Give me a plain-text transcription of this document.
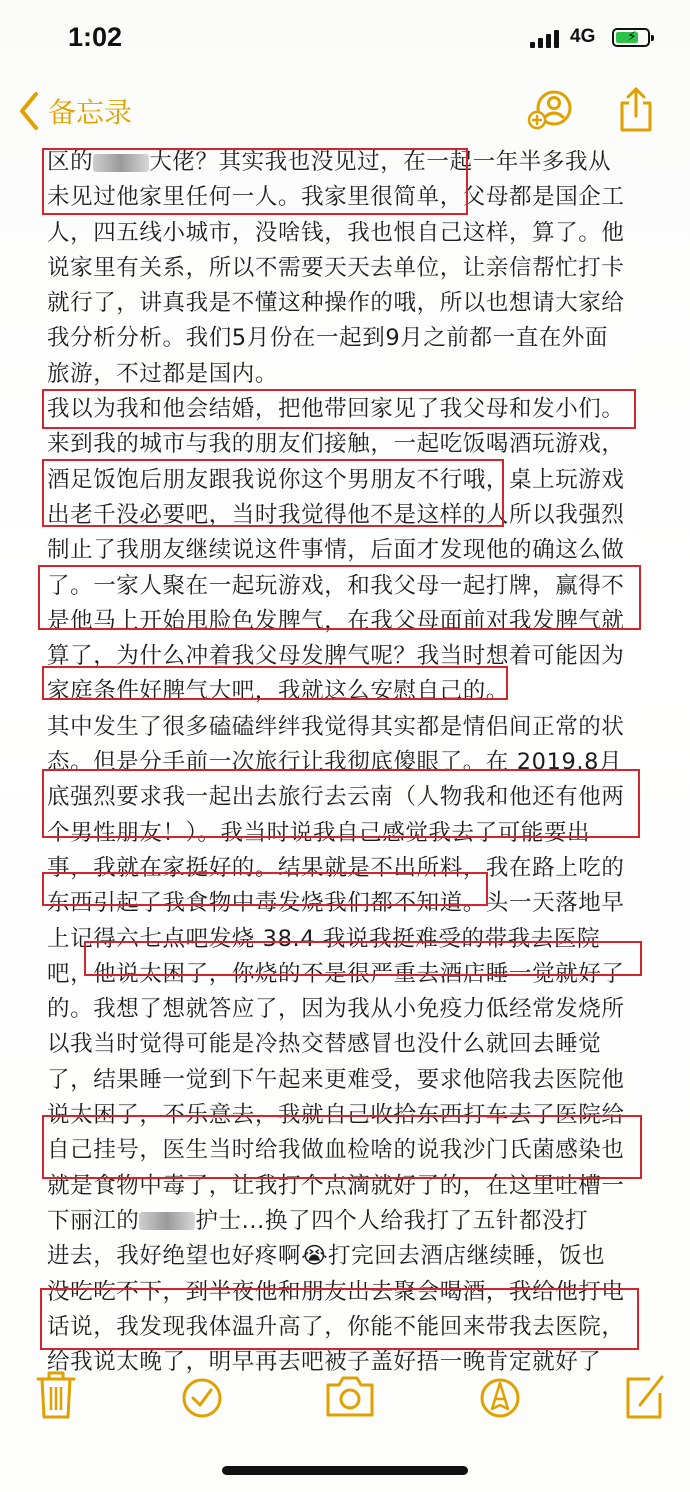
1:02	4G ⚡
备忘录
区的 大佬？其实我也没见过，在一起一年半多我从
未见过他家里任何一人。我家里很简单，父母都是国企工
人，四五线小城市，没啥钱，我也恨自己这样，算了。他
说家里有关系，所以不需要天天去单位，让亲信帮忙打卡
就行了，讲真我是不懂这种操作的哦，所以也想请大家给
我分析分析。我们5月份在一起到9月之前都一直在外面
旅游，不过都是国内。
我以为我和他会结婚，把他带回家见了我父母和发小们。
来到我的城市与我的朋友们接触，一起吃饭喝酒玩游戏，
酒足饭饱后朋友跟我说你这个男朋友不行哦，桌上玩游戏
出老千没必要吧，当时我觉得他不是这样的人所以我强烈
制止了我朋友继续说这件事情，后面才发现他的确这么做
了。一家人聚在一起玩游戏，和我父母一起打牌，赢得不
是他马上开始甩脸色发脾气，在我父母面前对我发脾气就
算了，为什么冲着我父母发脾气呢？我当时想着可能因为
家庭条件好脾气大吧，我就这么安慰自己的。
其中发生了很多磕磕绊绊我觉得其实都是情侣间正常的状
态。但是分手前一次旅行让我彻底傻眼了。在 2019.8月
底强烈要求我一起出去旅行去云南（人物我和他还有他两
个男性朋友！）。我当时说我自己感觉我去了可能要出
事，我就在家挺好的。结果就是不出所料，我在路上吃的
东西引起了我食物中毒发烧我们都不知道。头一天落地早
上记得六七点吧发烧 38.4 我说我挺难受的带我去医院
吧，他说太困了，你烧的不是很严重去酒店睡一觉就好了
的。我想了想就答应了，因为我从小免疫力低经常发烧所
以我当时觉得可能是冷热交替感冒也没什么就回去睡觉
了，结果睡一觉到下午起来更难受，要求他陪我去医院他
说太困了，不乐意去，我就自己收拾东西打车去了医院给
自己挂号，医生当时给我做血检啥的说我沙门氏菌感染也
就是食物中毒了，让我打个点滴就好了的，在这里吐槽一
下丽江的 护士...换了四个人给我打了五针都没打
进去，我好绝望也好疼啊😭打完回去酒店继续睡，饭也
没吃吃不下，到半夜他和朋友出去聚会喝酒，我给他打电
话说，我发现我体温升高了，你能不能回来带我去医院，
给我说太晚了，明早再去吧被子盖好捂一晚肯定就好了
